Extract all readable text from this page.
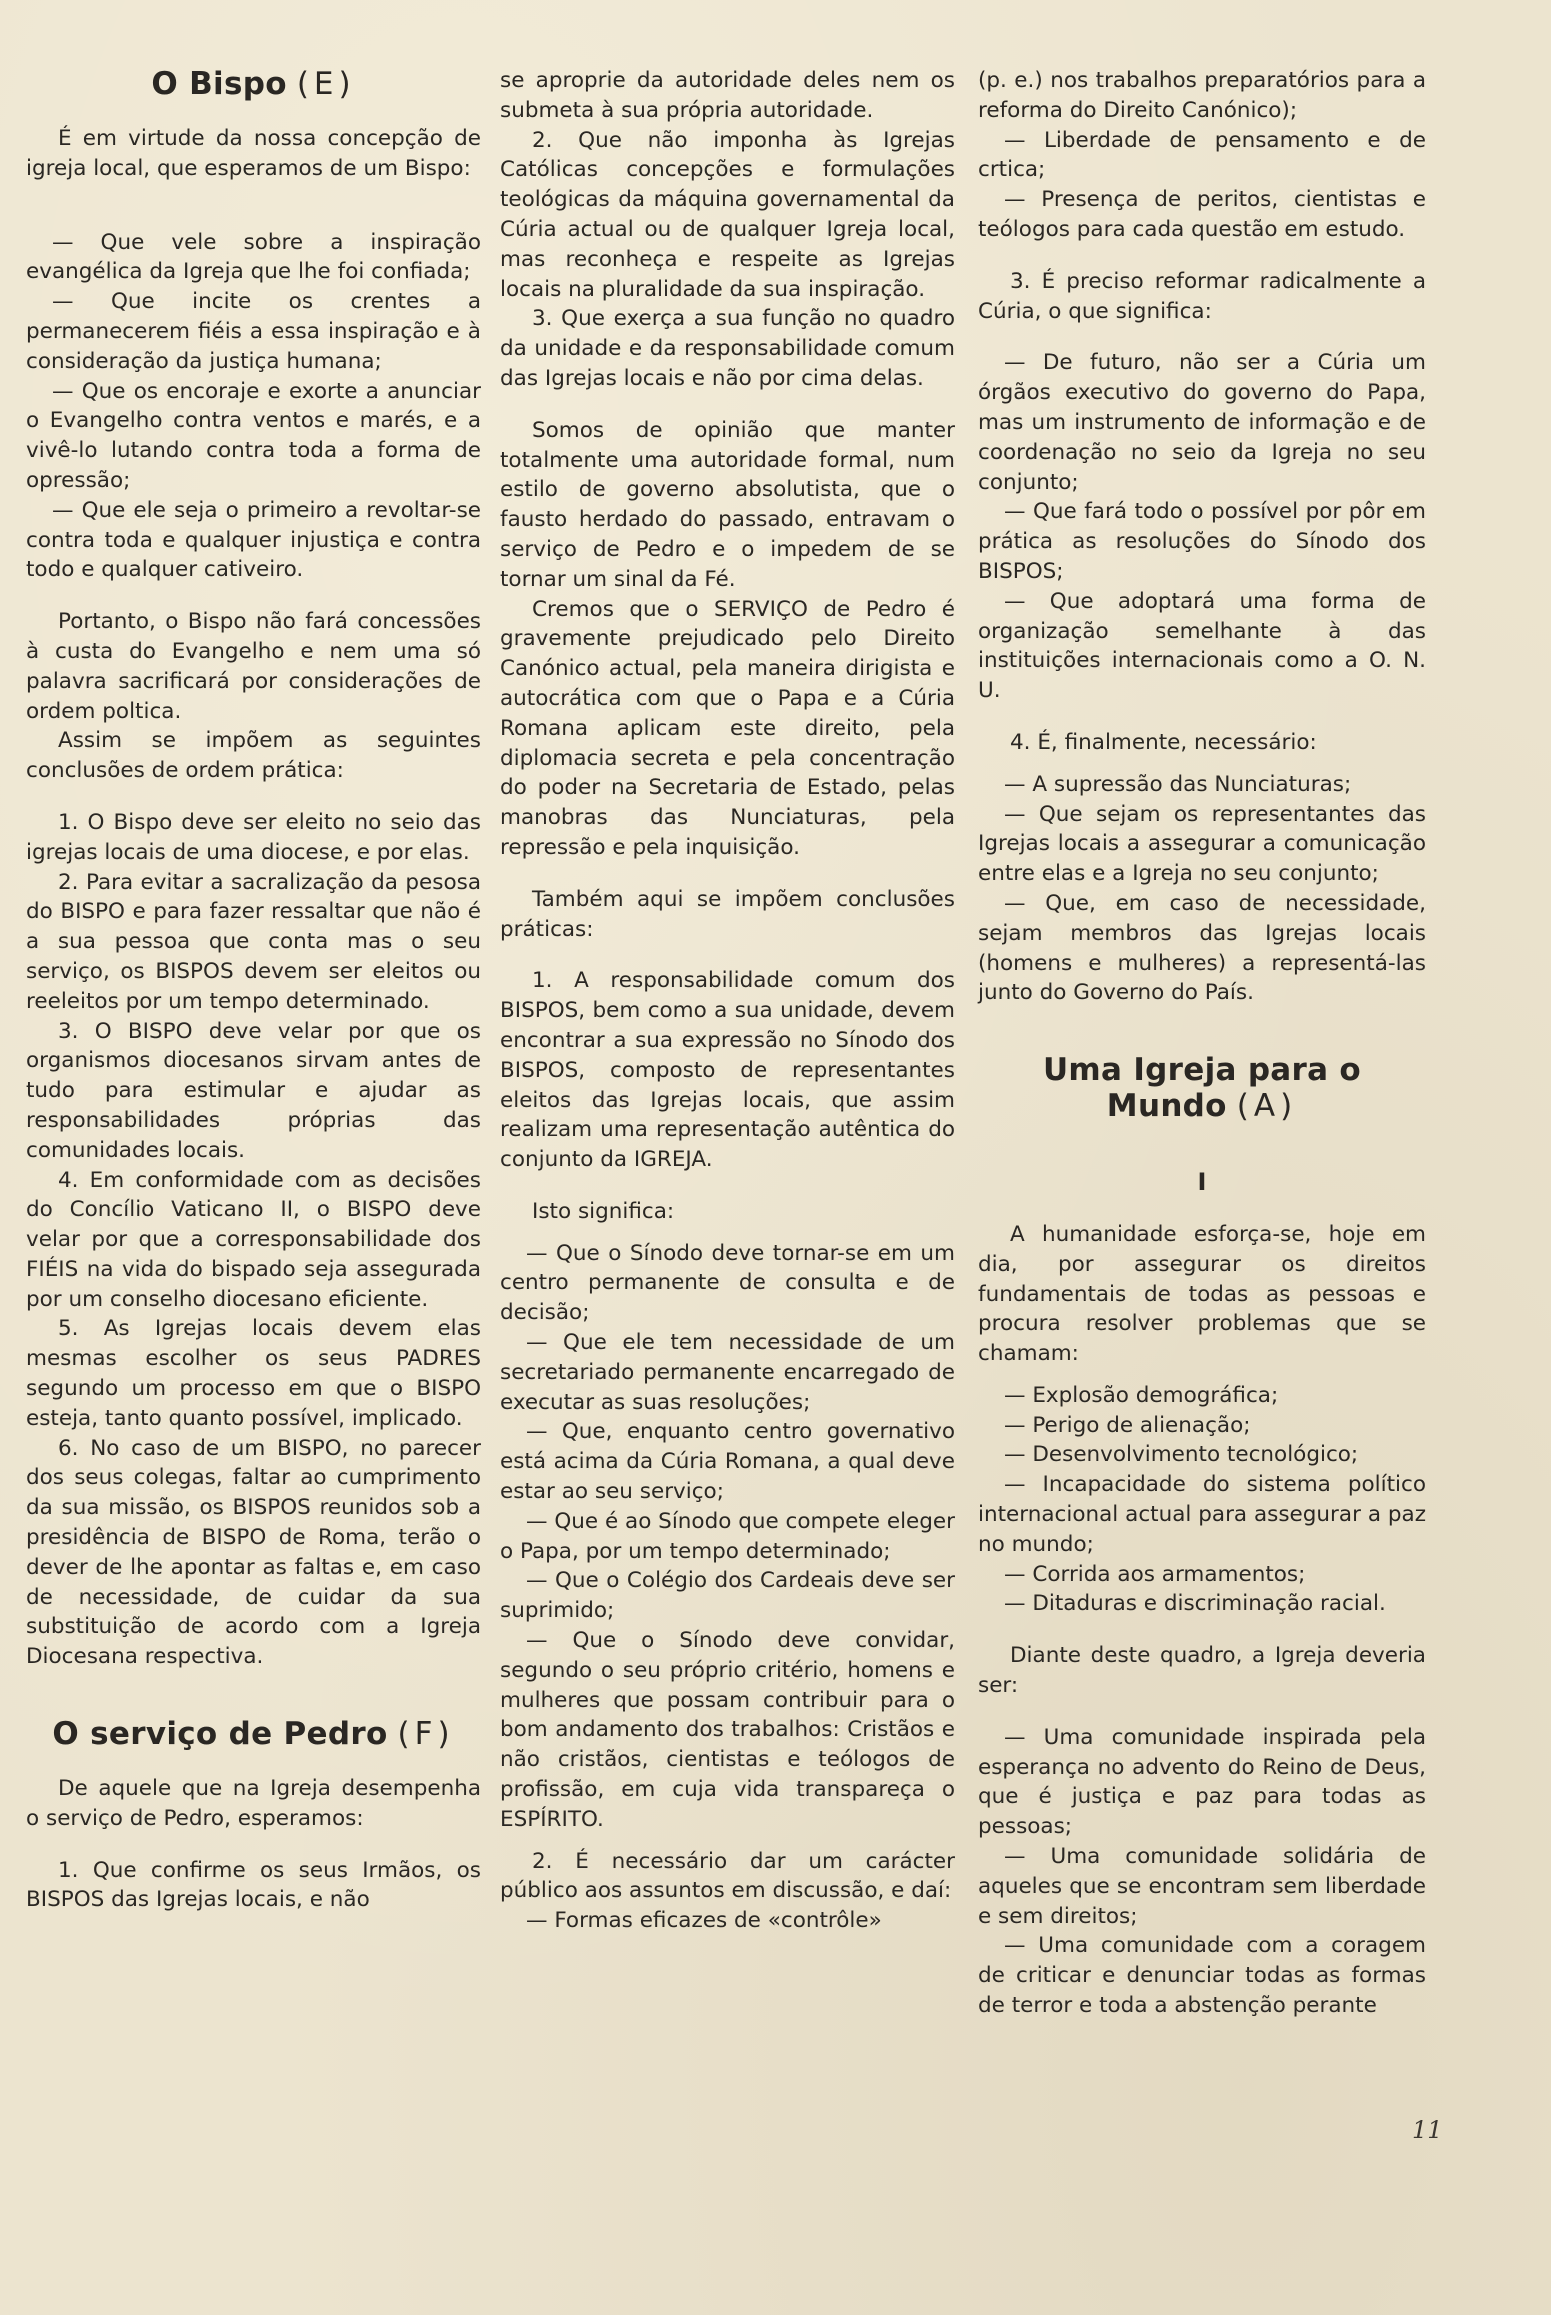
O Bispo (E)

É em virtude da nossa concepção de igreja local, que esperamos de um Bispo:

— Que vele sobre a inspiração evangélica da Igreja que lhe foi confiada;

— Que incite os crentes a permanecerem fiéis a essa inspiração e à consideração da justiça humana;

— Que os encoraje e exorte a anunciar o Evangelho contra ventos e marés, e a vivê-lo lutando contra toda a forma de opressão;

— Que ele seja o primeiro a revoltar-se contra toda e qualquer injustiça e contra todo e qualquer cativeiro.

Portanto, o Bispo não fará concessões à custa do Evangelho e nem uma só palavra sacrificará por considerações de ordem poltica.

Assim se impõem as seguintes conclusões de ordem prática:

1. O Bispo deve ser eleito no seio das igrejas locais de uma diocese, e por elas.

2. Para evitar a sacralização da pesosa do BISPO e para fazer ressaltar que não é a sua pessoa que conta mas o seu serviço, os BISPOS devem ser eleitos ou reeleitos por um tempo determinado.

3. O BISPO deve velar por que os organismos diocesanos sirvam antes de tudo para estimular e ajudar as responsabilidades próprias das comunidades locais.

4. Em conformidade com as decisões do Concílio Vaticano II, o BISPO deve velar por que a corresponsabilidade dos FIÉIS na vida do bispado seja assegurada por um conselho diocesano eficiente.

5. As Igrejas locais devem elas mesmas escolher os seus PADRES segundo um processo em que o BISPO esteja, tanto quanto possível, implicado.

6. No caso de um BISPO, no parecer dos seus colegas, faltar ao cumprimento da sua missão, os BISPOS reunidos sob a presidência de BISPO de Roma, terão o dever de lhe apontar as faltas e, em caso de necessidade, de cuidar da sua substituição de acordo com a Igreja Diocesana respectiva.

O serviço de Pedro (F)

De aquele que na Igreja desempenha o serviço de Pedro, esperamos:

1. Que confirme os seus Irmãos, os BISPOS das Igrejas locais, e não

se aproprie da autoridade deles nem os submeta à sua própria autoridade.

2. Que não imponha às Igrejas Católicas concepções e formulações teológicas da máquina governamental da Cúria actual ou de qualquer Igreja local, mas reconheça e respeite as Igrejas locais na pluralidade da sua inspiração.

3. Que exerça a sua função no quadro da unidade e da responsabilidade comum das Igrejas locais e não por cima delas.

Somos de opinião que manter totalmente uma autoridade formal, num estilo de governo absolutista, que o fausto herdado do passado, entravam o serviço de Pedro e o impedem de se tornar um sinal da Fé.

Cremos que o SERVIÇO de Pedro é gravemente prejudicado pelo Direito Canónico actual, pela maneira dirigista e autocrática com que o Papa e a Cúria Romana aplicam este direito, pela diplomacia secreta e pela concentração do poder na Secretaria de Estado, pelas manobras das Nunciaturas, pela repressão e pela inquisição.

Também aqui se impõem conclusões práticas:

1. A responsabilidade comum dos BISPOS, bem como a sua unidade, devem encontrar a sua expressão no Sínodo dos BISPOS, composto de representantes eleitos das Igrejas locais, que assim realizam uma representação autêntica do conjunto da IGREJA.

Isto significa:

— Que o Sínodo deve tornar-se em um centro permanente de consulta e de decisão;

— Que ele tem necessidade de um secretariado permanente encarregado de executar as suas resoluções;

— Que, enquanto centro governativo está acima da Cúria Romana, a qual deve estar ao seu serviço;

— Que é ao Sínodo que compete eleger o Papa, por um tempo determinado;

— Que o Colégio dos Cardeais deve ser suprimido;

— Que o Sínodo deve convidar, segundo o seu próprio critério, homens e mulheres que possam contribuir para o bom andamento dos trabalhos: Cristãos e não cristãos, cientistas e teólogos de profissão, em cuja vida transpareça o ESPÍRITO.

2. É necessário dar um carácter público aos assuntos em discussão, e daí:

— Formas eficazes de «contrôle»

(p. e.) nos trabalhos preparatórios para a reforma do Direito Canónico);

— Liberdade de pensamento e de crtica;

— Presença de peritos, cientistas e teólogos para cada questão em estudo.

3. É preciso reformar radicalmente a Cúria, o que significa:

— De futuro, não ser a Cúria um órgãos executivo do governo do Papa, mas um instrumento de informação e de coordenação no seio da Igreja no seu conjunto;

— Que fará todo o possível por pôr em prática as resoluções do Sínodo dos BISPOS;

— Que adoptará uma forma de organização semelhante à das instituições internacionais como a O. N. U.

4. É, finalmente, necessário:

— A supressão das Nunciaturas;

— Que sejam os representantes das Igrejas locais a assegurar a comunicação entre elas e a Igreja no seu conjunto;

— Que, em caso de necessidade, sejam membros das Igrejas locais (homens e mulheres) a representá-las junto do Governo do País.

Uma Igreja para o Mundo (A)

I

A humanidade esforça-se, hoje em dia, por assegurar os direitos fundamentais de todas as pessoas e procura resolver problemas que se chamam:

— Explosão demográfica;

— Perigo de alienação;

— Desenvolvimento tecnológico;

— Incapacidade do sistema político internacional actual para assegurar a paz no mundo;

— Corrida aos armamentos;

— Ditaduras e discriminação racial.

Diante deste quadro, a Igreja deveria ser:

— Uma comunidade inspirada pela esperança no advento do Reino de Deus, que é justiça e paz para todas as pessoas;

— Uma comunidade solidária de aqueles que se encontram sem liberdade e sem direitos;

— Uma comunidade com a coragem de criticar e denunciar todas as formas de terror e toda a abstenção perante

11
